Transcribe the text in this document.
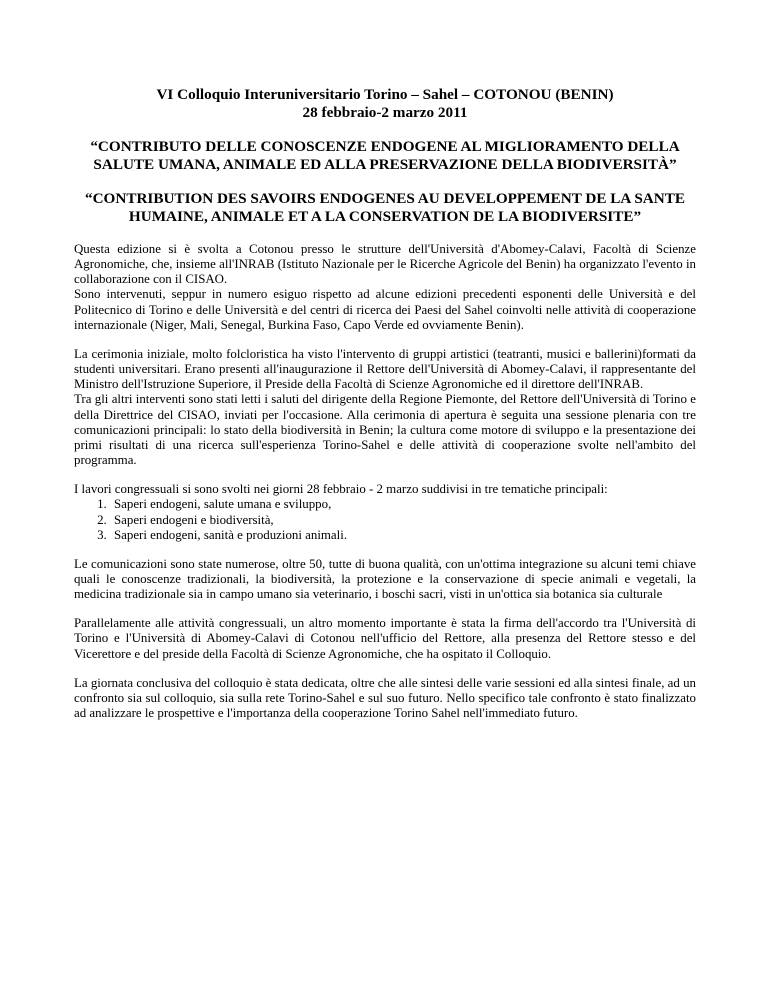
VI Colloquio Interuniversitario Torino – Sahel – COTONOU (BENIN)
28 febbraio-2 marzo 2011
“CONTRIBUTO DELLE CONOSCENZE ENDOGENE AL MIGLIORAMENTO DELLA SALUTE UMANA, ANIMALE ED ALLA PRESERVAZIONE DELLA BIODIVERSITÀ”
“CONTRIBUTION DES SAVOIRS ENDOGENES AU DEVELOPPEMENT DE LA SANTE HUMAINE, ANIMALE ET A LA CONSERVATION DE LA BIODIVERSITE”

Questa edizione si è svolta a Cotonou presso le strutture dell'Università d'Abomey-Calavi, Facoltà di Scienze Agronomiche, che, insieme all'INRAB (Istituto Nazionale per le Ricerche Agricole del Benin) ha organizzato l'evento in collaborazione con il CISAO.

Sono intervenuti, seppur in numero esiguo rispetto ad alcune edizioni precedenti esponenti delle Università e del Politecnico di Torino e delle Università e del centri di ricerca dei Paesi del Sahel coinvolti nelle attività di cooperazione internazionale (Niger, Mali, Senegal, Burkina Faso, Capo Verde ed ovviamente Benin).

La cerimonia iniziale, molto folcloristica ha visto l'intervento di gruppi artistici (teatranti, musici e ballerini)formati da studenti universitari. Erano presenti all'inaugurazione il Rettore dell'Università di Abomey-Calavi, il rappresentante del Ministro dell'Istruzione Superiore, il Preside della Facoltà di Scienze Agronomiche ed il direttore dell'INRAB.

Tra gli altri interventi sono stati letti i saluti del dirigente della Regione Piemonte, del Rettore dell'Università di Torino e della Direttrice del CISAO, inviati per l'occasione. Alla cerimonia di apertura è seguita una sessione plenaria con tre comunicazioni principali: lo stato della biodiversità in Benin; la cultura come motore di sviluppo e la presentazione dei primi risultati di una ricerca sull'esperienza Torino-Sahel e delle attività di cooperazione svolte nell'ambito del programma.

I lavori congressuali si sono svolti nei giorni 28 febbraio - 2 marzo suddivisi in tre tematiche principali:

1. Saperi endogeni, salute umana e sviluppo,
2. Saperi endogeni e biodiversità,
3. Saperi endogeni, sanità e produzioni animali.

Le comunicazioni sono state numerose, oltre 50, tutte di buona qualità, con un'ottima integrazione su alcuni temi chiave quali le conoscenze tradizionali, la biodiversità, la protezione e la conservazione di specie animali e vegetali, la medicina tradizionale sia in campo umano sia veterinario, i boschi sacri, visti in un'ottica sia botanica sia culturale

Parallelamente alle attività congressuali, un altro momento importante è stata la firma dell'accordo tra l'Università di Torino e l'Università di Abomey-Calavi di Cotonou nell'ufficio del Rettore, alla presenza del Rettore stesso e del Vicerettore e del preside della Facoltà di Scienze Agronomiche, che ha ospitato il Colloquio.

La giornata conclusiva del colloquio è stata dedicata, oltre che alle sintesi delle varie sessioni ed alla sintesi finale, ad un confronto sia sul colloquio, sia sulla rete Torino-Sahel e sul suo futuro. Nello specifico tale confronto è stato finalizzato ad analizzare le prospettive e l'importanza della cooperazione Torino Sahel nell'immediato futuro.
